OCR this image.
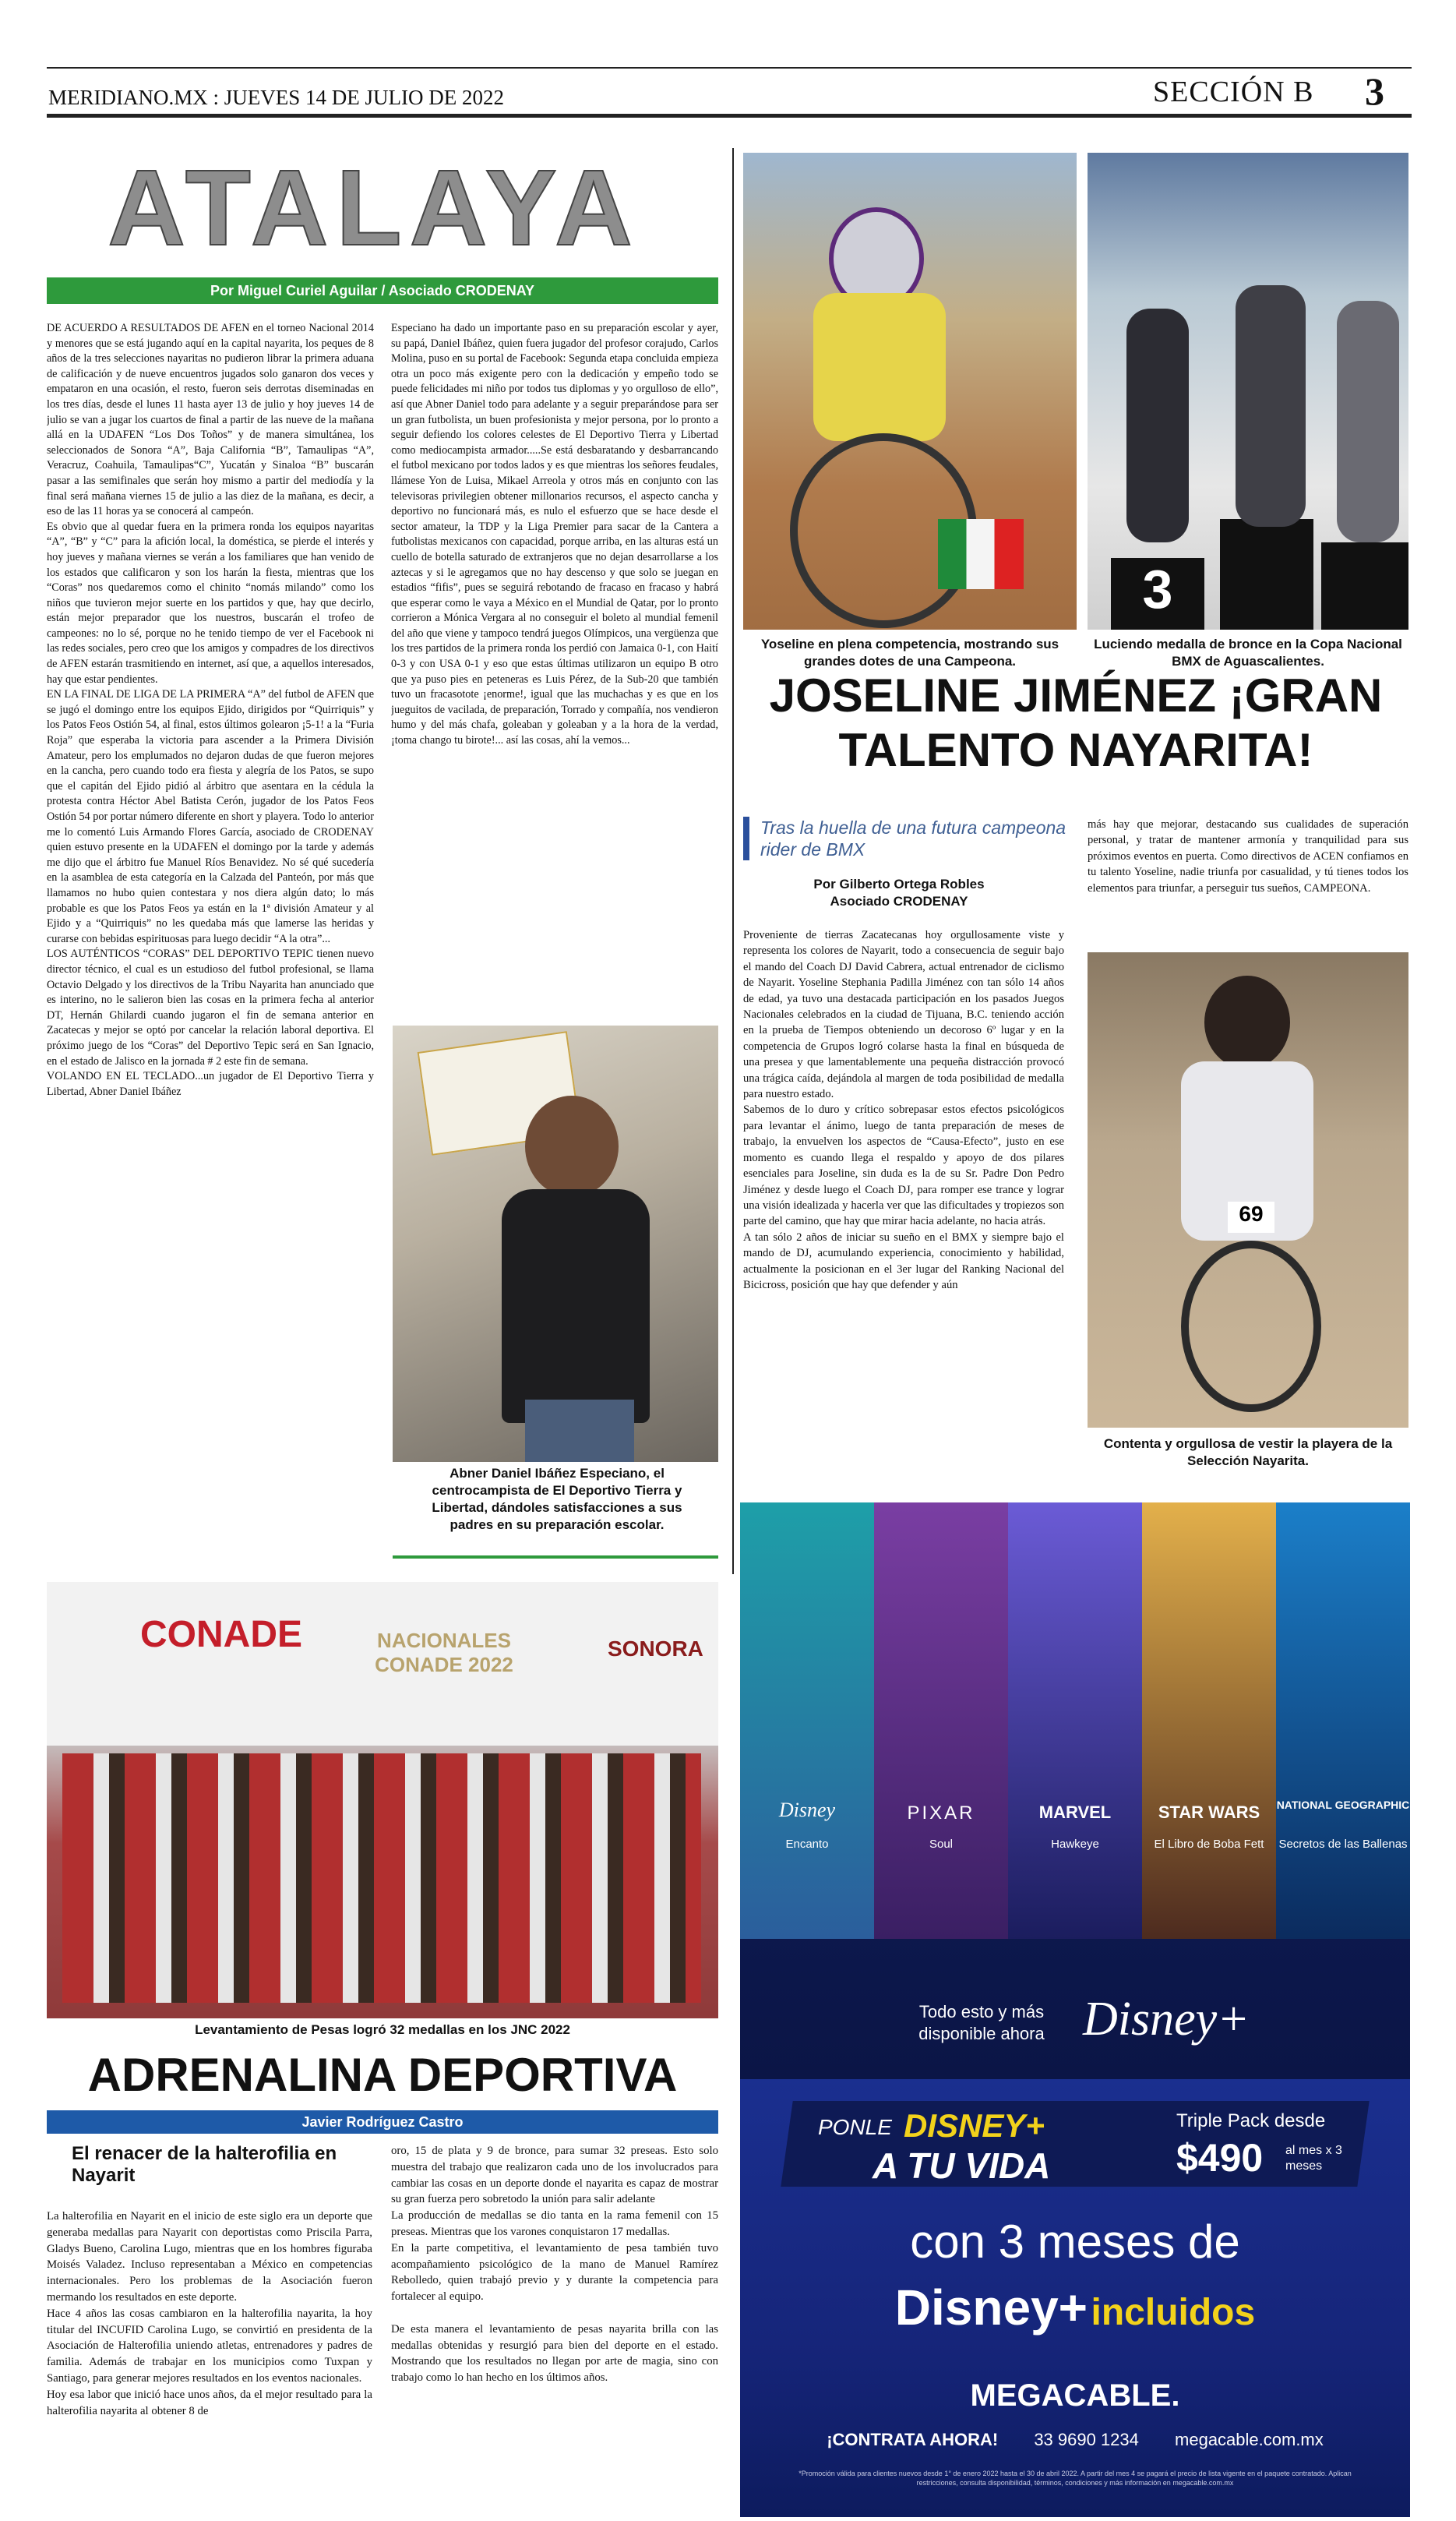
MERIDIANO.MX : JUEVES 14 DE JULIO DE 2022	SECCIÓN B 3
ATALAYA
Por Miguel Curiel Aguilar / Asociado CRODENAY
DE ACUERDO A RESULTADOS DE AFEN en el torneo Nacional 2014 y menores que se está jugando aquí en la capital nayarita, los peques de 8 años de la tres selecciones nayaritas no pudieron librar la primera aduana de calificación y de nueve encuentros jugados solo ganaron dos veces y empataron en una ocasión, el resto, fueron seis derrotas diseminadas en los tres días, desde el lunes 11 hasta ayer 13 de julio y hoy jueves 14 de julio se van a jugar los cuartos de final a partir de las nueve de la mañana allá en la UDAFEN “Los Dos Toños” y de manera simultánea, los seleccionados de Sonora “A”, Baja California “B”, Tamaulipas “A”, Veracruz, Coahuila, Tamaulipas“C”, Yucatán y Sinaloa “B” buscarán pasar a las semifinales que serán hoy mismo a partir del mediodía y la final será mañana viernes 15 de julio a las diez de la mañana, es decir, a eso de las 11 horas ya se conocerá al campeón.
Es obvio que al quedar fuera en la primera ronda los equipos nayaritas “A”, “B” y “C” para la afición local, la doméstica, se pierde el interés y hoy jueves y mañana viernes se verán a los familiares que han venido de los estados que calificaron y son los harán la fiesta, mientras que los “Coras” nos quedaremos como el chinito “nomás milando” como los niños que tuvieron mejor suerte en los partidos y que, hay que decirlo, están mejor preparador que los nuestros, buscarán el trofeo de campeones: no lo sé, porque no he tenido tiempo de ver el Facebook ni las redes sociales, pero creo que los amigos y compadres de los directivos de AFEN estarán trasmitiendo en internet, así que, a aquellos interesados, hay que estar pendientes.
EN LA FINAL DE LIGA DE LA PRIMERA “A” del futbol de AFEN que se jugó el domingo entre los equipos Ejido, dirigidos por “Quirriquis” y los Patos Feos Ostión 54, al final, estos últimos golearon ¡5-1! a la “Furia Roja” que esperaba la victoria para ascender a la Primera División Amateur, pero los emplumados no dejaron dudas de que fueron mejores en la cancha, pero cuando todo era fiesta y alegría de los Patos, se supo que el capitán del Ejido pidió al árbitro que asentara en la cédula la protesta contra Héctor Abel Batista Cerón, jugador de los Patos Feos Ostión 54 por portar número diferente en short y playera. Todo lo anterior me lo comentó Luis Armando Flores García, asociado de CRODENAY quien estuvo presente en la UDAFEN el domingo por la tarde y además me dijo que el árbitro fue Manuel Ríos Benavidez. No sé qué sucedería en la asamblea de esta categoría en la Calzada del Panteón, por más que llamamos no hubo quien contestara y nos diera algún dato; lo más probable es que los Patos Feos ya están en la 1ª división Amateur y al Ejido y a “Quirriquis” no les quedaba más que lamerse las heridas y curarse con bebidas espirituosas para luego decidir “A la otra”...
LOS AUTÉNTICOS “CORAS” DEL DEPORTIVO TEPIC tienen nuevo director técnico, el cual es un estudioso del futbol profesional, se llama Octavio Delgado y los directivos de la Tribu Nayarita han anunciado que es interino, no le salieron bien las cosas en la primera fecha al anterior DT, Hernán Ghilardi cuando jugaron el fin de semana anterior en Zacatecas y mejor se optó por cancelar la relación laboral deportiva. El próximo juego de los “Coras” del Deportivo Tepic será en San Ignacio, en el estado de Jalisco en la jornada # 2 este fin de semana.
VOLANDO EN EL TECLADO...un jugador de El Deportivo Tierra y Libertad, Abner Daniel Ibáñez
Especiano ha dado un importante paso en su preparación escolar y ayer, su papá, Daniel Ibáñez, quien fuera jugador del profesor corajudo, Carlos Molina, puso en su portal de Facebook: Segunda etapa concluida empieza otra un poco más exigente pero con la dedicación y empeño todo se puede felicidades mi niño por todos tus diplomas y yo orgulloso de ello”, así que Abner Daniel todo para adelante y a seguir preparándose para ser un gran futbolista, un buen profesionista y mejor persona, por lo pronto a seguir defiendo los colores celestes de El Deportivo Tierra y Libertad como mediocampista armador.....Se está desbaratando y desbarrancando el futbol mexicano por todos lados y es que mientras los señores feudales, llámese Yon de Luisa, Mikael Arreola y otros más en conjunto con las televisoras privilegien obtener millonarios recursos, el aspecto cancha y deportivo no funcionará más, es nulo el esfuerzo que se hace desde el sector amateur, la TDP y la Liga Premier para sacar de la Cantera a futbolistas mexicanos con capacidad, porque arriba, en las alturas está un cuello de botella saturado de extranjeros que no dejan desarrollarse a los aztecas y si le agregamos que no hay descenso y que solo se juegan en estadios “fifis”, pues se seguirá rebotando de fracaso en fracaso y habrá que esperar como le vaya a México en el Mundial de Qatar, por lo pronto corrieron a Mónica Vergara al no conseguir el boleto al mundial femenil del año que viene y tampoco tendrá juegos Olímpicos, una vergüenza que los tres partidos de la primera ronda los perdió con Jamaica 0-1, con Haití 0-3 y con USA 0-1 y eso que estas últimas utilizaron un equipo B otro que ya puso pies en peteneras es Luis Pérez, de la Sub-20 que también tuvo un fracasotote ¡enorme!, igual que las muchachas y es que en los jueguitos de vacilada, de preparación, Torrado y compañía, nos vendieron humo y del más chafa, goleaban y goleaban y a la hora de la verdad, ¡toma chango tu birote!... así las cosas, ahí la vemos...
Abner Daniel Ibáñez Especiano, el centrocampista de El Deportivo Tierra y Libertad, dándoles satisfacciones a sus padres en su preparación escolar.
Yoseline en plena competencia, mostrando sus grandes dotes de una Campeona.
3
Luciendo medalla de bronce en la Copa Nacional BMX de Aguascalientes.
JOSELINE JIMÉNEZ ¡GRAN TALENTO NAYARITA!
Tras la huella de una futura campeona rider de BMX
Por Gilberto Ortega Robles
Asociado CRODENAY
Proveniente de tierras Zacatecanas hoy orgullosamente viste y representa los colores de Nayarit, todo a consecuencia de seguir bajo el mando del Coach DJ David Cabrera, actual entrenador de ciclismo de Nayarit. Yoseline Stephania Padilla Jiménez con tan sólo 14 años de edad, ya tuvo una destacada participación en los pasados Juegos Nacionales celebrados en la ciudad de Tijuana, B.C. teniendo acción en la prueba de Tiempos obteniendo un decoroso 6º lugar y en la competencia de Grupos logró colarse hasta la final en búsqueda de una presea y que lamentablemente una pequeña distracción provocó una trágica caída, dejándola al margen de toda posibilidad de medalla para nuestro estado.
Sabemos de lo duro y crítico sobrepasar estos efectos psicológicos para levantar el ánimo, luego de tanta preparación de meses de trabajo, la envuelven los aspectos de “Causa-Efecto”, justo en ese momento es cuando llega el respaldo y apoyo de dos pilares esenciales para Joseline, sin duda es la de su Sr. Padre Don Pedro Jiménez y desde luego el Coach DJ, para romper ese trance y lograr una visión idealizada y hacerla ver que las dificultades y tropiezos son parte del camino, que hay que mirar hacia adelante, no hacia atrás.
A tan sólo 2 años de iniciar su sueño en el BMX y siempre bajo el mando de DJ, acumulando experiencia, conocimiento y habilidad, actualmente la posicionan en el 3er lugar del Ranking Nacional del Bicicross, posición que hay que defender y aún
más hay que mejorar, destacando sus cualidades de superación personal, y tratar de mantener armonía y tranquilidad para sus próximos eventos en puerta. Como directivos de ACEN confiamos en tu talento Yoseline, nadie triunfa por casualidad, y tú tienes todos los elementos para triunfar, a perseguir tus sueños, CAMPEONA.
69
Contenta y orgullosa de vestir la playera de la Selección Nayarita.
CONADE	NACIONALES CONADE 2022
SONORA
Levantamiento de Pesas logró 32 medallas en los JNC 2022
ADRENALINA DEPORTIVA
Javier Rodríguez Castro
El renacer de la halterofilia en Nayarit
La halterofilia en Nayarit en el inicio de este siglo era un deporte que generaba medallas para Nayarit con deportistas como Priscila Parra, Gladys Bueno, Carolina Lugo, mientras que en los hombres figuraba Moisés Valadez. Incluso representaban a México en competencias internacionales. Pero los problemas de la Asociación fueron mermando los resultados en este deporte.
Hace 4 años las cosas cambiaron en la halterofilia nayarita, la hoy titular del INCUFID Carolina Lugo, se convirtió en presidenta de la Asociación de Halterofilia uniendo atletas, entrenadores y padres de familia. Además de trabajar en los municipios como Tuxpan y Santiago, para generar mejores resultados en los eventos nacionales.
Hoy esa labor que inició hace unos años, da el mejor resultado para la halterofilia nayarita al obtener 8 de
oro, 15 de plata y 9 de bronce, para sumar 32 preseas. Esto solo muestra del trabajo que realizaron cada uno de los involucrados para cambiar las cosas en un deporte donde el nayarita es capaz de mostrar su gran fuerza pero sobretodo la unión para salir adelante
La producción de medallas se dio tanta en la rama femenil con 15 preseas. Mientras que los varones conquistaron 17 medallas.
En la parte competitiva, el levantamiento de pesa también tuvo acompañamiento psicológico de la mano de Manuel Ramírez Rebolledo, quien trabajó previo y y durante la competencia para fortalecer al equipo.

De esta manera el levantamiento de pesas nayarita brilla con las medallas obtenidas y resurgió para bien del deporte en el estado. Mostrando que los resultados no llegan por arte de magia, sino con trabajo como lo han hecho en los últimos años.
Disney	PIXAR	MARVEL	STAR WARS	NATIONAL GEOGRAPHIC
Encanto	Soul	Hawkeye	El Libro de Boba Fett	Secretos de las Ballenas
Todo esto y más disponible ahora Disney+
PONLE DISNEY+
A TU VIDA
Triple Pack desde
$490 al mes x 3 meses
con 3 meses de
Disney+ incluidos
MEGACABLE.
¡CONTRATA AHORA! 33 9690 1234 megacable.com.mx
*Promoción válida para clientes nuevos desde 1° de enero 2022 hasta el 30 de abril 2022. A partir del mes 4 se pagará el precio de lista vigente en el paquete contratado. Aplican restricciones, consulta disponibilidad, términos, condiciones y más información en megacable.com.mx
